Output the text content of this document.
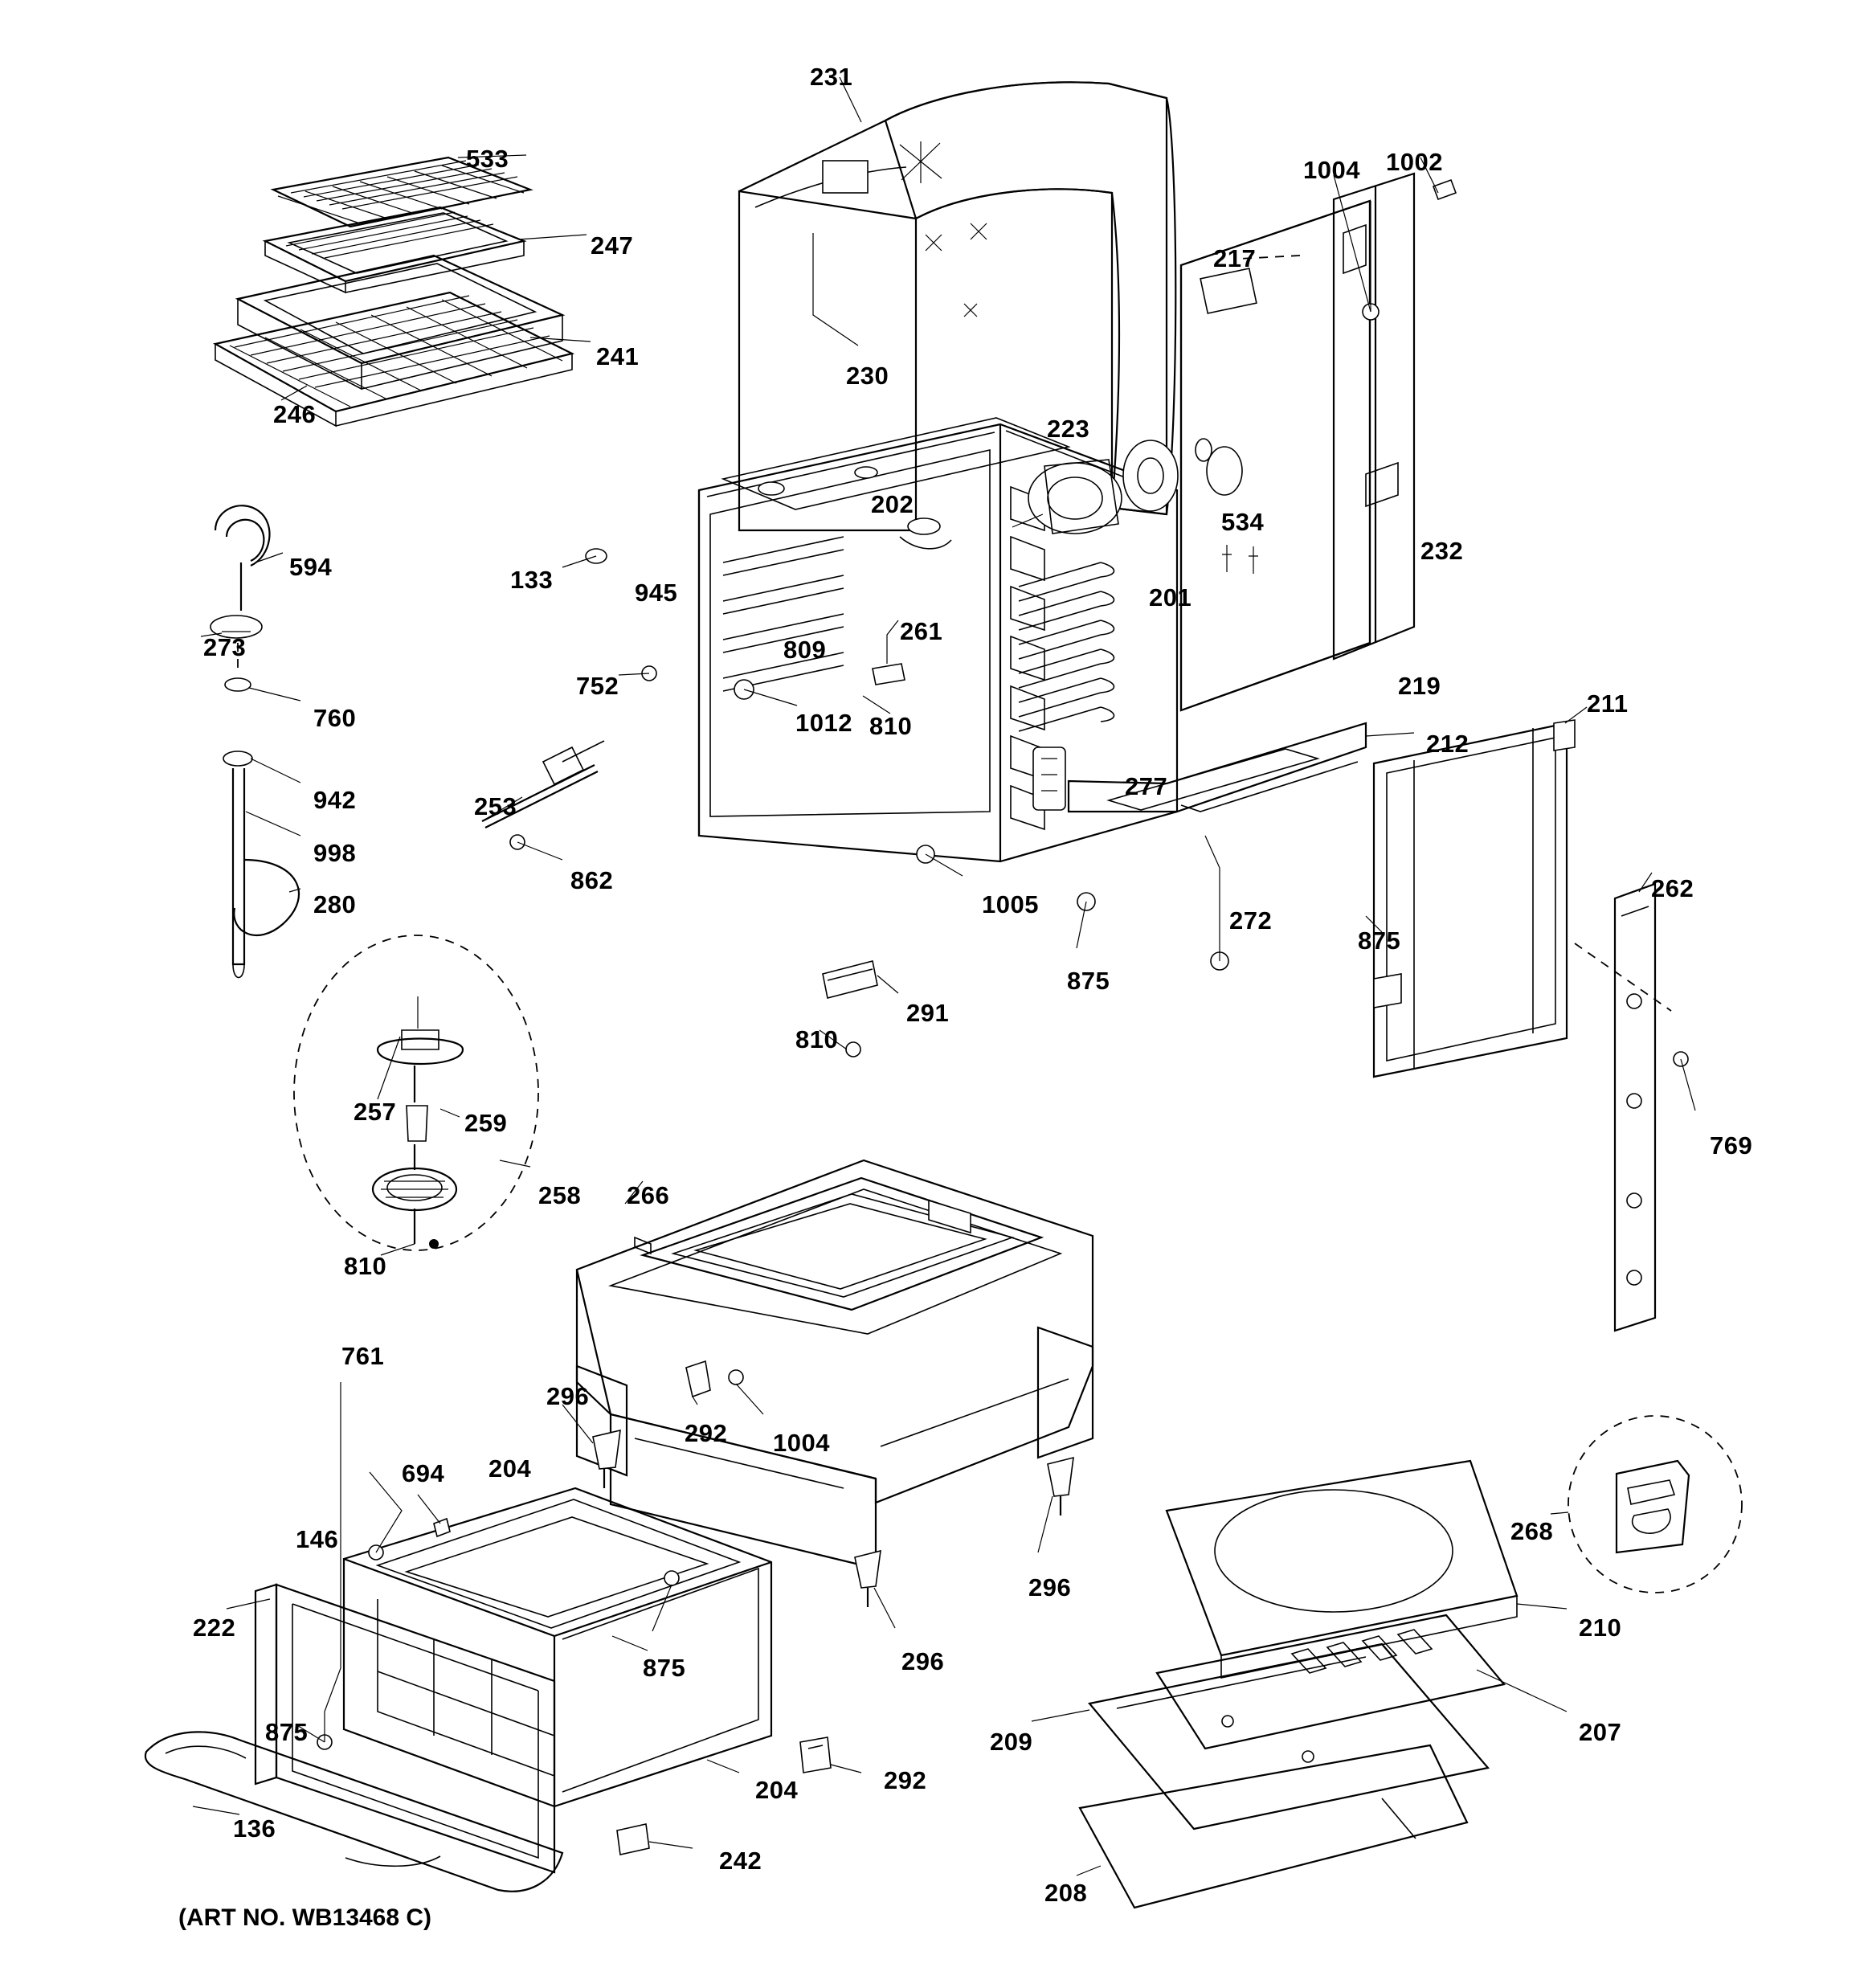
533
247
241
246
231
230
1004 1002
217
223
534
232
219
201
202
945
133
809
261
1012 810
752
253
862
277
212
211
262
769
875
272
875
1005
594
273
760
942
998
280
257	259
258
810
291
810
266
296
292 1004
296
296
268
210
207
209
208
761
694 204
146
222
875
875
136
204	292
242
(ART NO. WB13468 C)
